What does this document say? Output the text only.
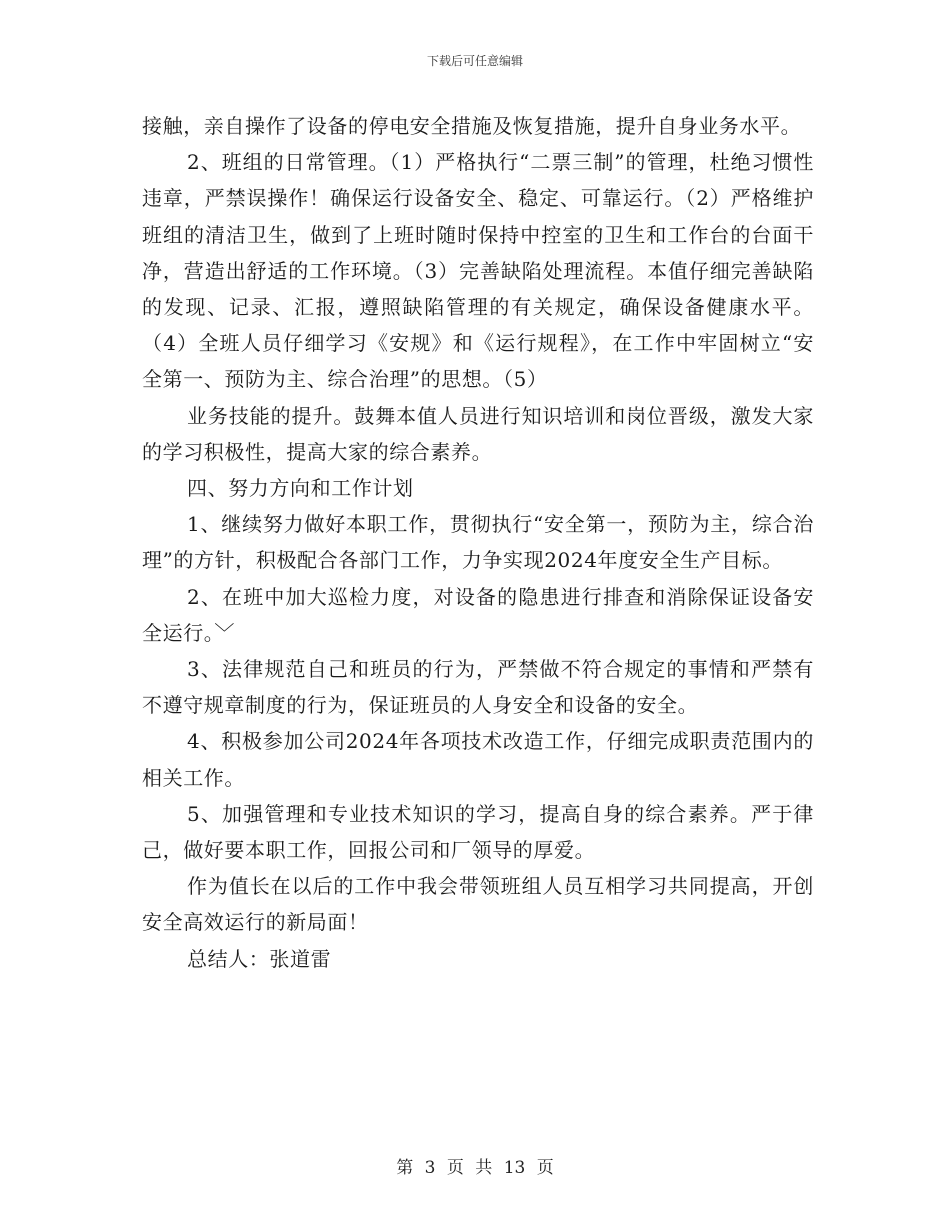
下载后可任意编辑

接触，亲自操作了设备的停电安全措施及恢复措施，提升自身业务水平。

2、班组的日常管理。（1）严格执行“二票三制”的管理，杜绝习惯性违章，严禁误操作！确保运行设备安全、稳定、可靠运行。（2）严格维护班组的清洁卫生，做到了上班时随时保持中控室的卫生和工作台的台面干净，营造出舒适的工作环境。（3）完善缺陷处理流程。本值仔细完善缺陷的发现、记录、汇报，遵照缺陷管理的有关规定，确保设备健康水平。（4）全班人员仔细学习《安规》和《运行规程》，在工作中牢固树立“安全第一、预防为主、综合治理”的思想。（5）

业务技能的提升。鼓舞本值人员进行知识培训和岗位晋级，激发大家的学习积极性，提高大家的综合素养。

四、努力方向和工作计划

1、继续努力做好本职工作，贯彻执行“安全第一，预防为主，综合治理”的方针，积极配合各部门工作，力争实现2024年度安全生产目标。

2、在班中加大巡检力度，对设备的隐患进行排查和消除保证设备安全运行。﹀

3、法律规范自己和班员的行为，严禁做不符合规定的事情和严禁有不遵守规章制度的行为，保证班员的人身安全和设备的安全。

4、积极参加公司2024年各项技术改造工作，仔细完成职责范围内的相关工作。

5、加强管理和专业技术知识的学习，提高自身的综合素养。严于律己，做好要本职工作，回报公司和厂领导的厚爱。

作为值长在以后的工作中我会带领班组人员互相学习共同提高，开创安全高效运行的新局面！

总结人：张道雷

第 3 页 共 13 页
